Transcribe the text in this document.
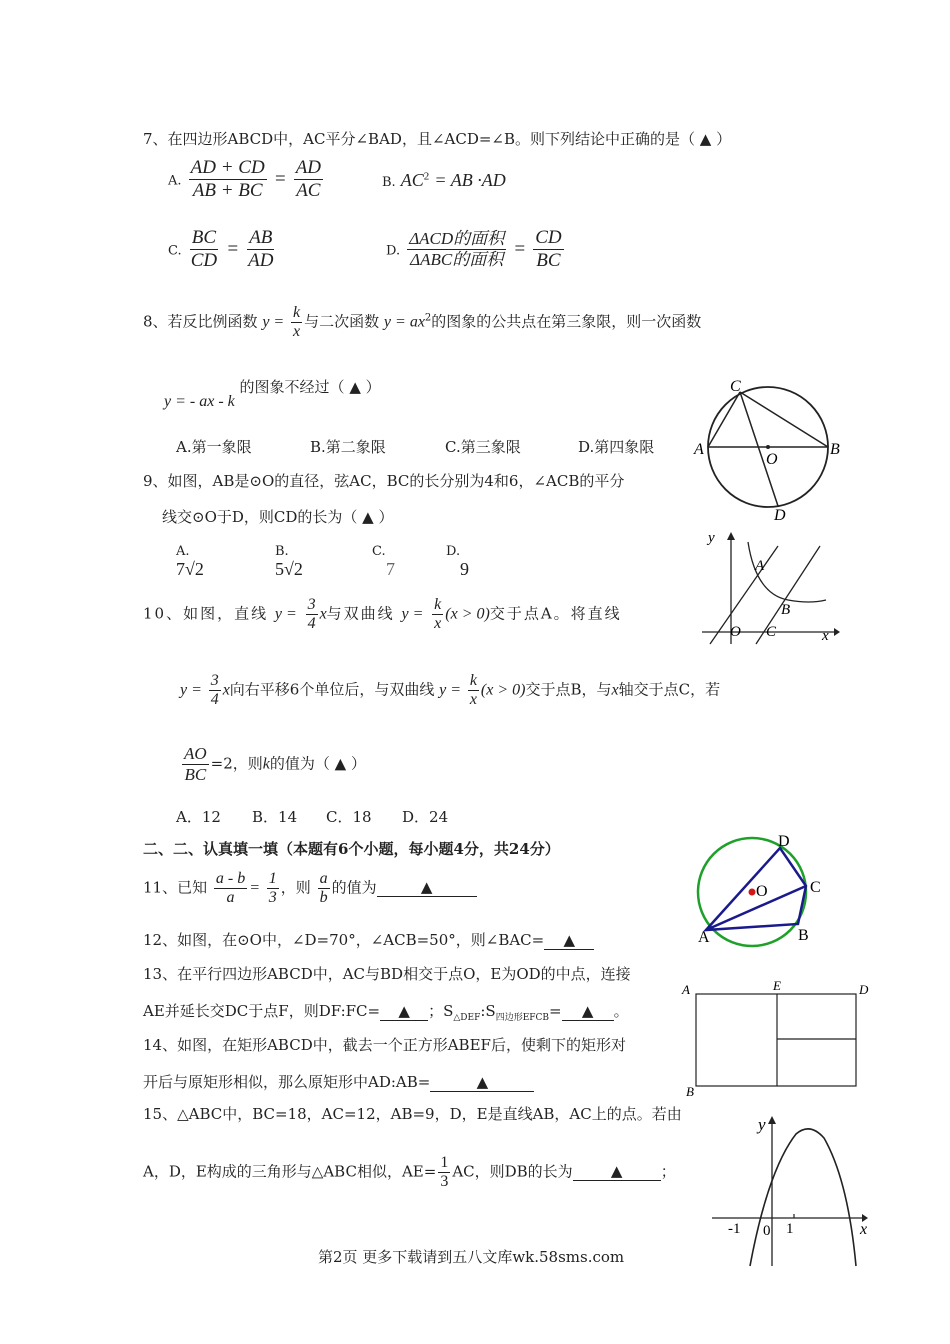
7、在四边形ABCD中，AC平分∠BAD，且∠ACD=∠B。则下列结论中正确的是（ ▲ ）
A. $\frac{AD + CD}{AB + BC} = \frac{AD}{AC}$	B. $AC^2$ = AB ·AD
C. $\frac{BC}{CD} = \frac{AB}{AD}$	D. $\frac{\text{ΔACD的面积}}{\text{ΔABC的面积}} = \frac{CD}{BC}$
8、若反比例函数 $y = \frac{k}{x}$ 与二次函数 $y = ax^2$的图象的公共点在第三象限，则一次函数
y = - ax - k 的图象不经过（ ▲ ）
A.第一象限	B.第二象限	C.第三象限	D.第四象限
9、如图，AB是⊙O的直径，弦AC，BC的长分别为4和6，∠ACB的平分
线交⊙O于D，则CD的长为（ ▲ ）
A.
7√2
B.
5√2
C.
7
D.
9
10、如图，直线 $y = \frac{3}{4}$ x与双曲线 $y = \frac{k}{x} (x > 0)$交于点A。将直线
$y = \frac{3}{4}$ x向右平移6个单位后，与双曲线 $y = \frac{k}{x} (x > 0)$交于点B，与x轴交于点C，若
$\frac{AO}{BC} =2$，则k的值为（ ▲ ）
A．12 B．14 C．18 D．24
二、二、认真填一填（本题有6个小题，每小题4分，共24分）
11、已知 $\frac{a - b}{a} = \frac{1}{3}$ ，则 $\frac{a}{b}$ 的值为	▲
12、如图，在⊙O中，∠D=70°，∠ACB=50°，则∠BAC= ▲
13、在平行四边形ABCD中，AC与BD相交于点O，E为OD的中点，连接
AE并延长交DC于点F，则DF:FC= ▲ ；$S_{\triangle DEF}:S_{四边形EFCB}=$ ▲ 。
14、如图，在矩形ABCD中，截去一个正方形ABEF后，使剩下的矩形对
开后与原矩形相似，那么原矩形中AD:AB=	▲
15、△ABC中，BC=18，AC=12，AB=9，D，E是直线AB，AC上的点。若由
A，D，E构成的三角形与△ABC相似，$AE= \frac{1}{3}$ AC，则DB的长为	▲	；
第2页 更多下载请到五八文库wk.58sms.com
C
A
O
B
D
y
A
B
O C	x
D
O	C
A	B
A	E	D
B
y
-1 0 1	x
